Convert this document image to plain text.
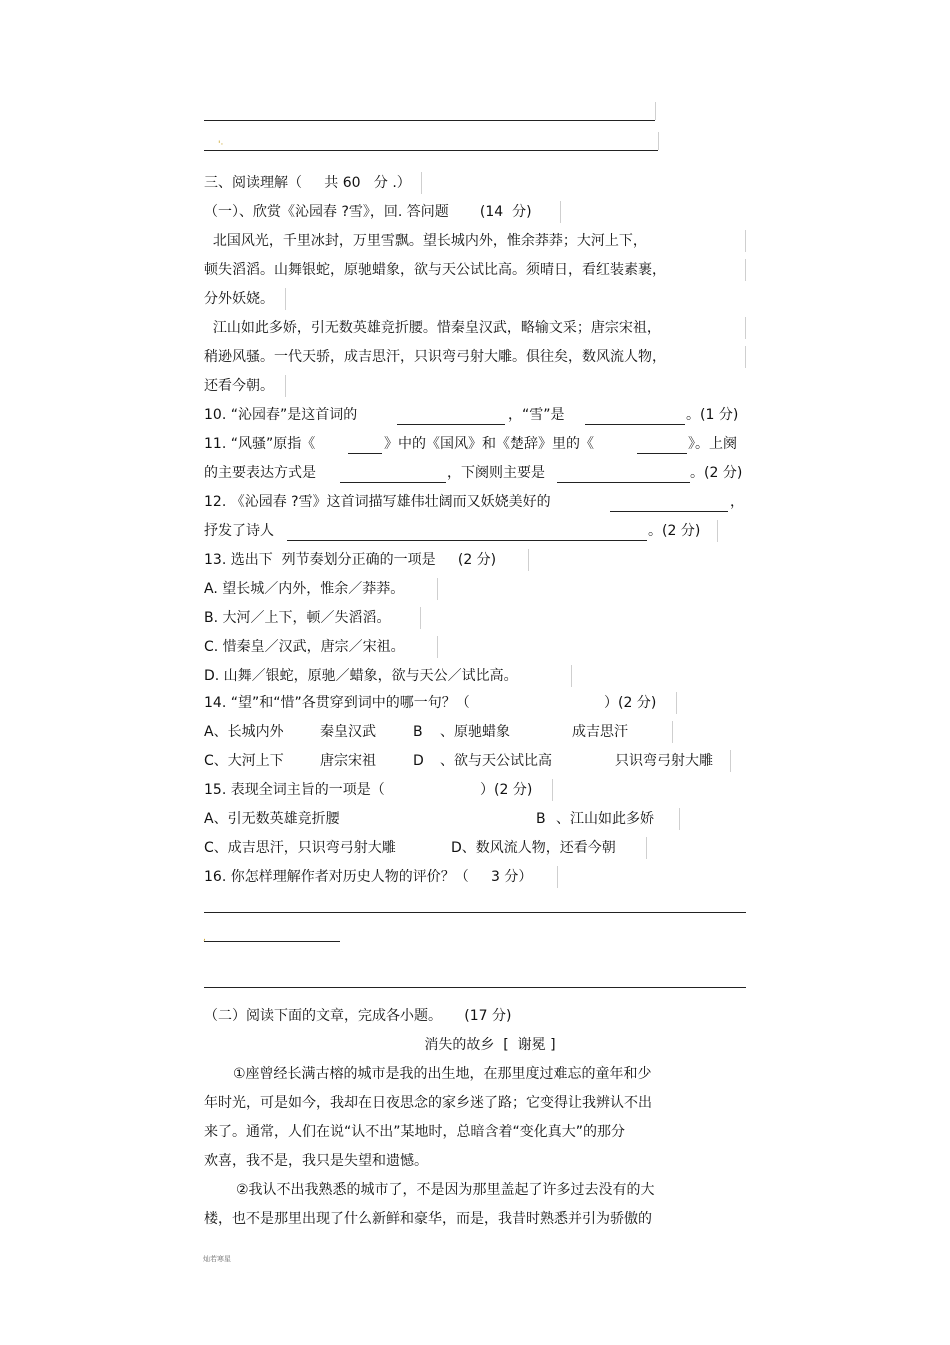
'·
三、阅读理解（     共 60   分 .）
（一）、欣赏《沁园春 ?雪》，回. 答问题       (14  分)
北国风光，千里冰封，万里雪飘。望长城内外，惟余莽莽；大河上下，
顿失滔滔。山舞银蛇，原驰蜡象，欲与天公试比高。须晴日，看红装素裹，
分外妖娆。
江山如此多娇，引无数英雄竞折腰。惜秦皇汉武，略输文采；唐宗宋祖，
稍逊风骚。一代天骄，成吉思汗，只识弯弓射大雕。俱往矣，数风流人物，
还看今朝。
10. “沁园春”是这首词的	，“雪”是	。(1 分)
11. “风骚”原指《	》中的《国风》和《楚辞》里的《	》。上阕
的主要表达方式是	，下阕则主要是	。(2 分)
12. 《沁园春 ?雪》这首词描写雄伟壮阔而又妖娆美好的	，
抒发了诗人	。(2 分)
13. 选出下  列节奏划分正确的一项是     (2 分)
A. 望长城／内外，惟余／莽莽。
B. 大河／上下，顿／失滔滔。
C. 惜秦皇／汉武，唐宗／宋祖。
D. 山舞／银蛇，原驰／蜡象，欲与天公／试比高。
14. “望”和“惜”各贯穿到词中的哪一句？（	）(2 分)
A、长城内外	秦皇汉武	B 、原驰蜡象	成吉思汗
C、大河上下	唐宗宋祖	D 、欲与天公试比高	只识弯弓射大雕
15. 表现全词主旨的一项是（	）(2 分)
A、引无数英雄竞折腰	B 、江山如此多娇
C、成吉思汗，只识弯弓射大雕	D、数风流人物，还看今朝
16. 你怎样理解作者对历史人物的评价？（     3 分）
,
（二）阅读下面的文章，完成各小题。     (17 分)
消失的故乡  [  谢冕 ]
①座曾经长满古榕的城市是我的出生地，在那里度过难忘的童年和少
年时光，可是如今，我却在日夜思念的家乡迷了路；它变得让我辨认不出
来了。通常，人们在说“认不出”某地时，总暗含着“变化真大”的那分
欢喜，我不是，我只是失望和遗憾。
②我认不出我熟悉的城市了，不是因为那里盖起了许多过去没有的大
楼，也不是那里出现了什么新鲜和豪华，而是，我昔时熟悉并引为骄傲的
灿若寒星
